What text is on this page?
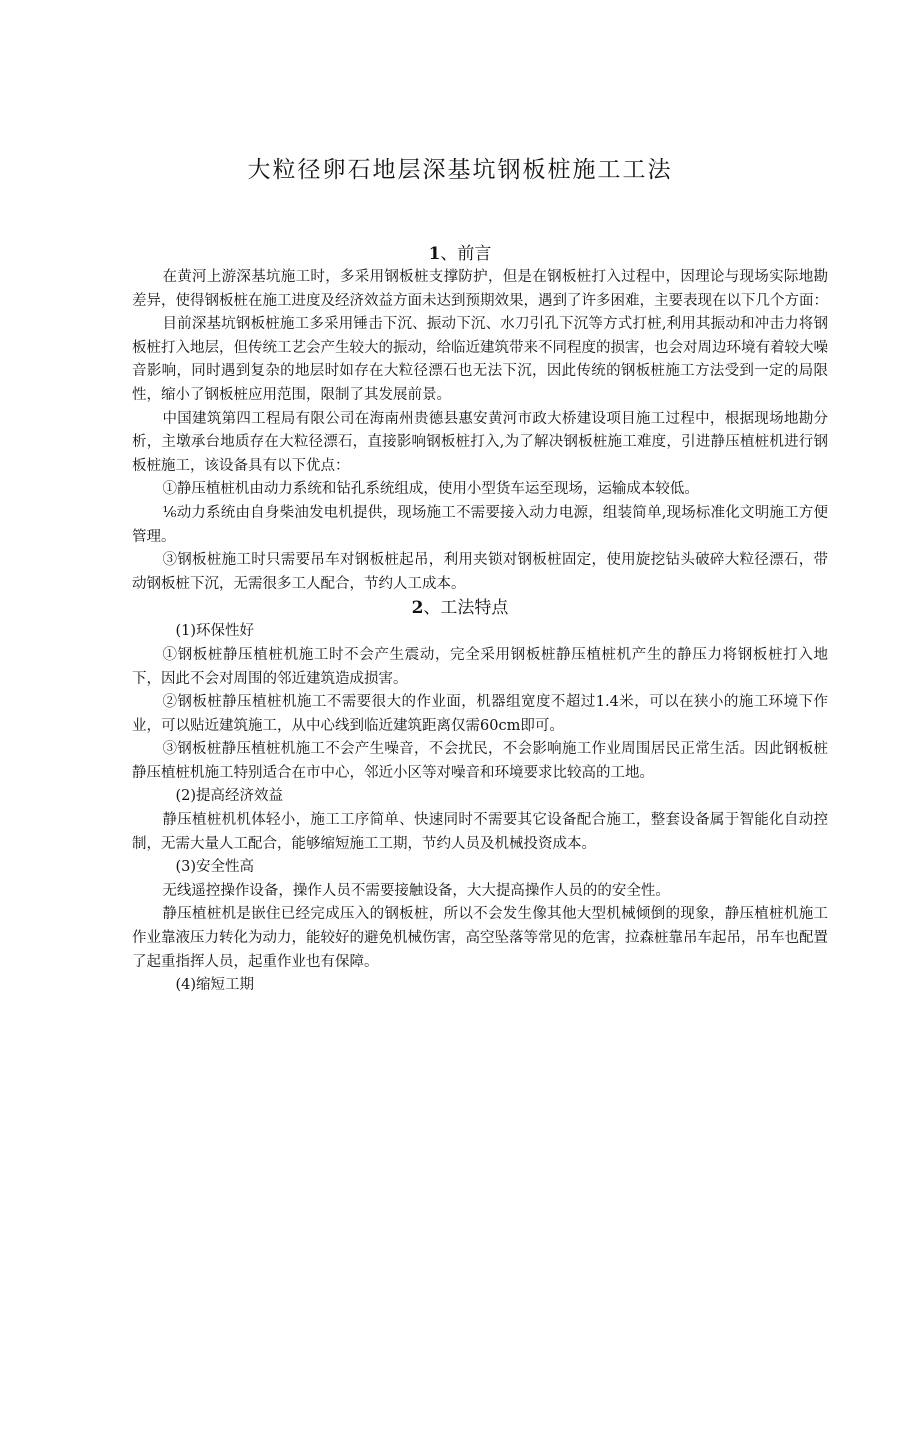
大粒径卵石地层深基坑钢板桩施工工法
1、前言

在黄河上游深基坑施工时，多采用钢板桩支撑防护，但是在钢板桩打入过程中，因理论与现场实际地勘差异，使得钢板桩在施工进度及经济效益方面未达到预期效果，遇到了许多困难，主要表现在以下几个方面：

目前深基坑钢板桩施工多采用锤击下沉、振动下沉、水刀引孔下沉等方式打桩,利用其振动和冲击力将钢板桩打入地层，但传统工艺会产生较大的振动，给临近建筑带来不同程度的损害，也会对周边环境有着较大噪音影响，同时遇到复杂的地层时如存在大粒径漂石也无法下沉，因此传统的钢板桩施工方法受到一定的局限性，缩小了钢板桩应用范围，限制了其发展前景。

中国建筑第四工程局有限公司在海南州贵德县惠安黄河市政大桥建设项目施工过程中，根据现场地勘分析，主墩承台地质存在大粒径漂石，直接影响钢板桩打入,为了解决钢板桩施工难度，引进静压植桩机进行钢板桩施工，该设备具有以下优点：

①静压植桩机由动力系统和钻孔系统组成，使用小型货车运至现场，运输成本较低。

⅙动力系统由自身柴油发电机提供，现场施工不需要接入动力电源，组装简单,现场标准化文明施工方便管理。

③钢板桩施工时只需要吊车对钢板桩起吊，利用夹锁对钢板桩固定，使用旋挖钻头破碎大粒径漂石，带动钢板桩下沉，无需很多工人配合，节约人工成本。

2、工法特点

(1)环保性好

①钢板桩静压植桩机施工时不会产生震动，完全采用钢板桩静压植桩机产生的静压力将钢板桩打入地下，因此不会对周围的邻近建筑造成损害。

②钢板桩静压植桩机施工不需要很大的作业面，机器组宽度不超过1.4米，可以在狭小的施工环境下作业，可以贴近建筑施工，从中心线到临近建筑距离仅需60cm即可。

③钢板桩静压植桩机施工不会产生噪音，不会扰民，不会影响施工作业周围居民正常生活。因此钢板桩静压植桩机施工特别适合在市中心，邻近小区等对噪音和环境要求比较高的工地。

(2)提高经济效益

静压植桩机机体轻小，施工工序简单、快速同时不需要其它设备配合施工，整套设备属于智能化自动控制，无需大量人工配合，能够缩短施工工期，节约人员及机械投资成本。

(3)安全性高

无线遥控操作设备，操作人员不需要接触设备，大大提高操作人员的的安全性。

静压植桩机是嵌住已经完成压入的钢板桩，所以不会发生像其他大型机械倾倒的现象，静压植桩机施工作业靠液压力转化为动力，能较好的避免机械伤害，高空坠落等常见的危害，拉森桩靠吊车起吊，吊车也配置了起重指挥人员，起重作业也有保障。

(4)缩短工期
